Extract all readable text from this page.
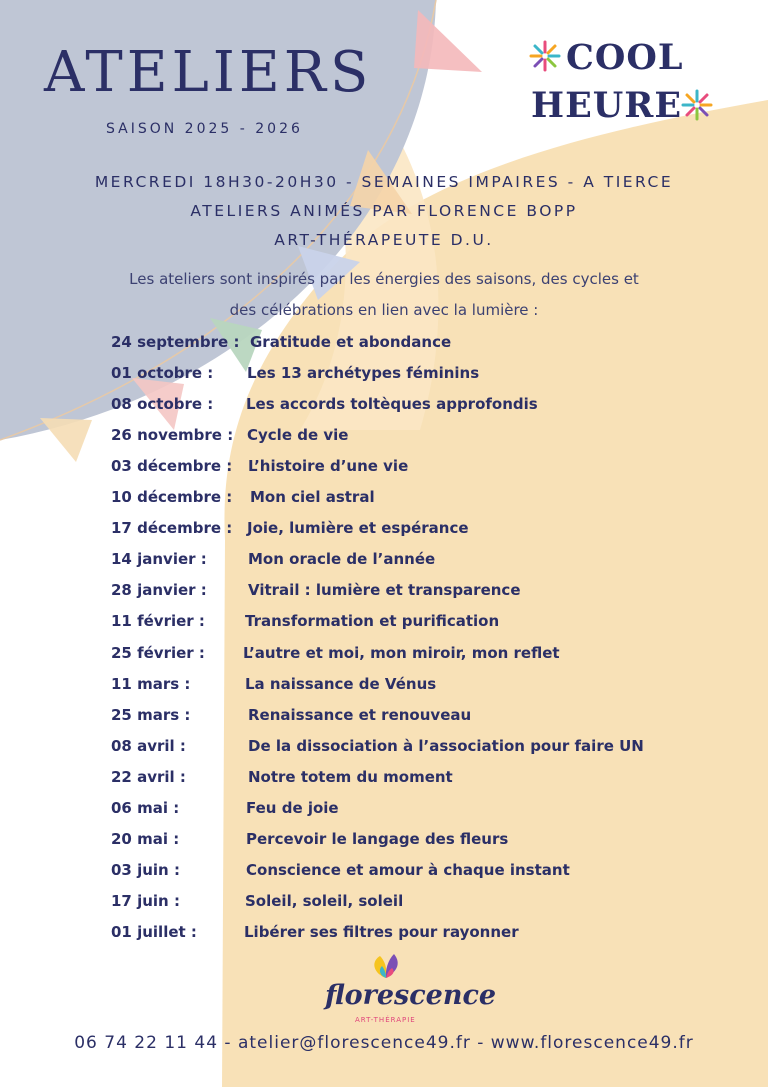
ATELIERS
SAISON 2025 - 2026
COOL
HEURE
MERCREDI 18H30-20H30 - SEMAINES IMPAIRES - A TIERCE
ATELIERS ANIMÉS PAR FLORENCE BOPP
ART-THÉRAPEUTE D.U.
Les ateliers sont inspirés par les énergies des saisons, des cycles et
des célébrations en lien avec la lumière :
24 septembre : Gratitude et abondance
01 octobre : Les 13 archétypes féminins
08 octobre : Les accords toltèques approfondis
26 novembre : Cycle de vie
03 décembre : L’histoire d’une vie
10 décembre : Mon ciel astral
17 décembre : Joie, lumière et espérance
14 janvier :	Mon oracle de l’année
28 janvier :	Vitrail : lumière et transparence
11 février :	Transformation et purification
25 février :	L’autre et moi, mon miroir, mon reflet
11 mars :	La naissance de Vénus
25 mars :	Renaissance et renouveau
08 avril :	De la dissociation à l’association pour faire UN
22 avril :	Notre totem du moment
06 mai :	Feu de joie
20 mai :	Percevoir le langage des fleurs
03 juin :	Conscience et amour à chaque instant
17 juin :	Soleil, soleil, soleil
01 juillet :	Libérer ses filtres pour rayonner
florescence
ART-THÉRAPIE
06 74 22 11 44 - atelier@florescence49.fr - www.florescence49.fr
